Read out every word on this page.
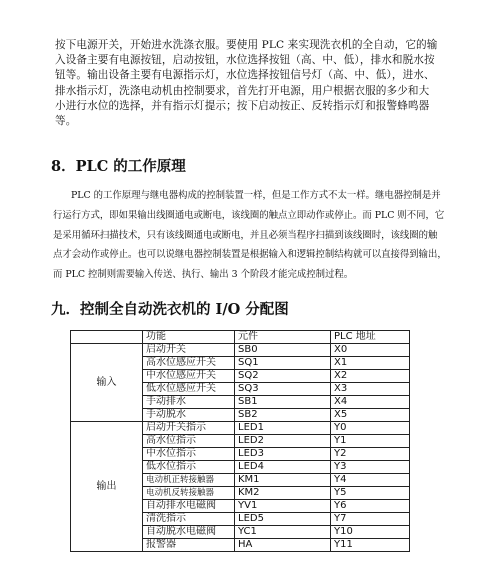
按下电源开关，开始进水洗涤衣服。要使用 PLC 来实现洗衣机的全自动，它的输
入设备主要有电源按钮，启动按钮，水位选择按钮（高、中、低），排水和脱水按
钮等。输出设备主要有电源指示灯，水位选择按钮信号灯（高、中、低），进水、
排水指示灯，洗涤电动机由控制要求，首先打开电源，用户根据衣服的多少和大
小进行水位的选择，并有指示灯提示；按下启动按正、反转指示灯和报警蜂鸣器
等。
8．PLC 的工作原理
PLC 的工作原理与继电器构成的控制装置一样，但是工作方式不太一样。继电器控制是并
行运行方式，即如果输出线圈通电或断电，该线圈的触点立即动作或停止。而 PLC 则不同，它
是采用循环扫描技术，只有该线圈通电或断电，并且必须当程序扫描到该线圈时，该线圈的触
点才会动作或停止。也可以说继电器控制装置是根据输入和逻辑控制结构就可以直接得到输出，
而 PLC 控制则需要输入传送、执行、输出 3 个阶段才能完成控制过程。
九．控制全自动洗衣机的 I/O 分配图
	功能	元件	PLC 地址
输入	启动开关	SB0	X0
	高水位感应开关	SQ1	X1
	中水位感应开关	SQ2	X2
	低水位感应开关	SQ3	X3
	手动排水	SB1	X4
	手动脱水	SB2	X5
输出	启动开关指示	LED1	Y0
	高水位指示	LED2	Y1
	中水位指示	LED3	Y2
	低水位指示	LED4	Y3
	电动机正转接触器	KM1	Y4
	电动机反转接触器	KM2	Y5
	自动排水电磁阀	YV1	Y6
	清洗指示	LED5	Y7
	自动脱水电磁阀	YC1	Y10
	报警器	HA	Y11
